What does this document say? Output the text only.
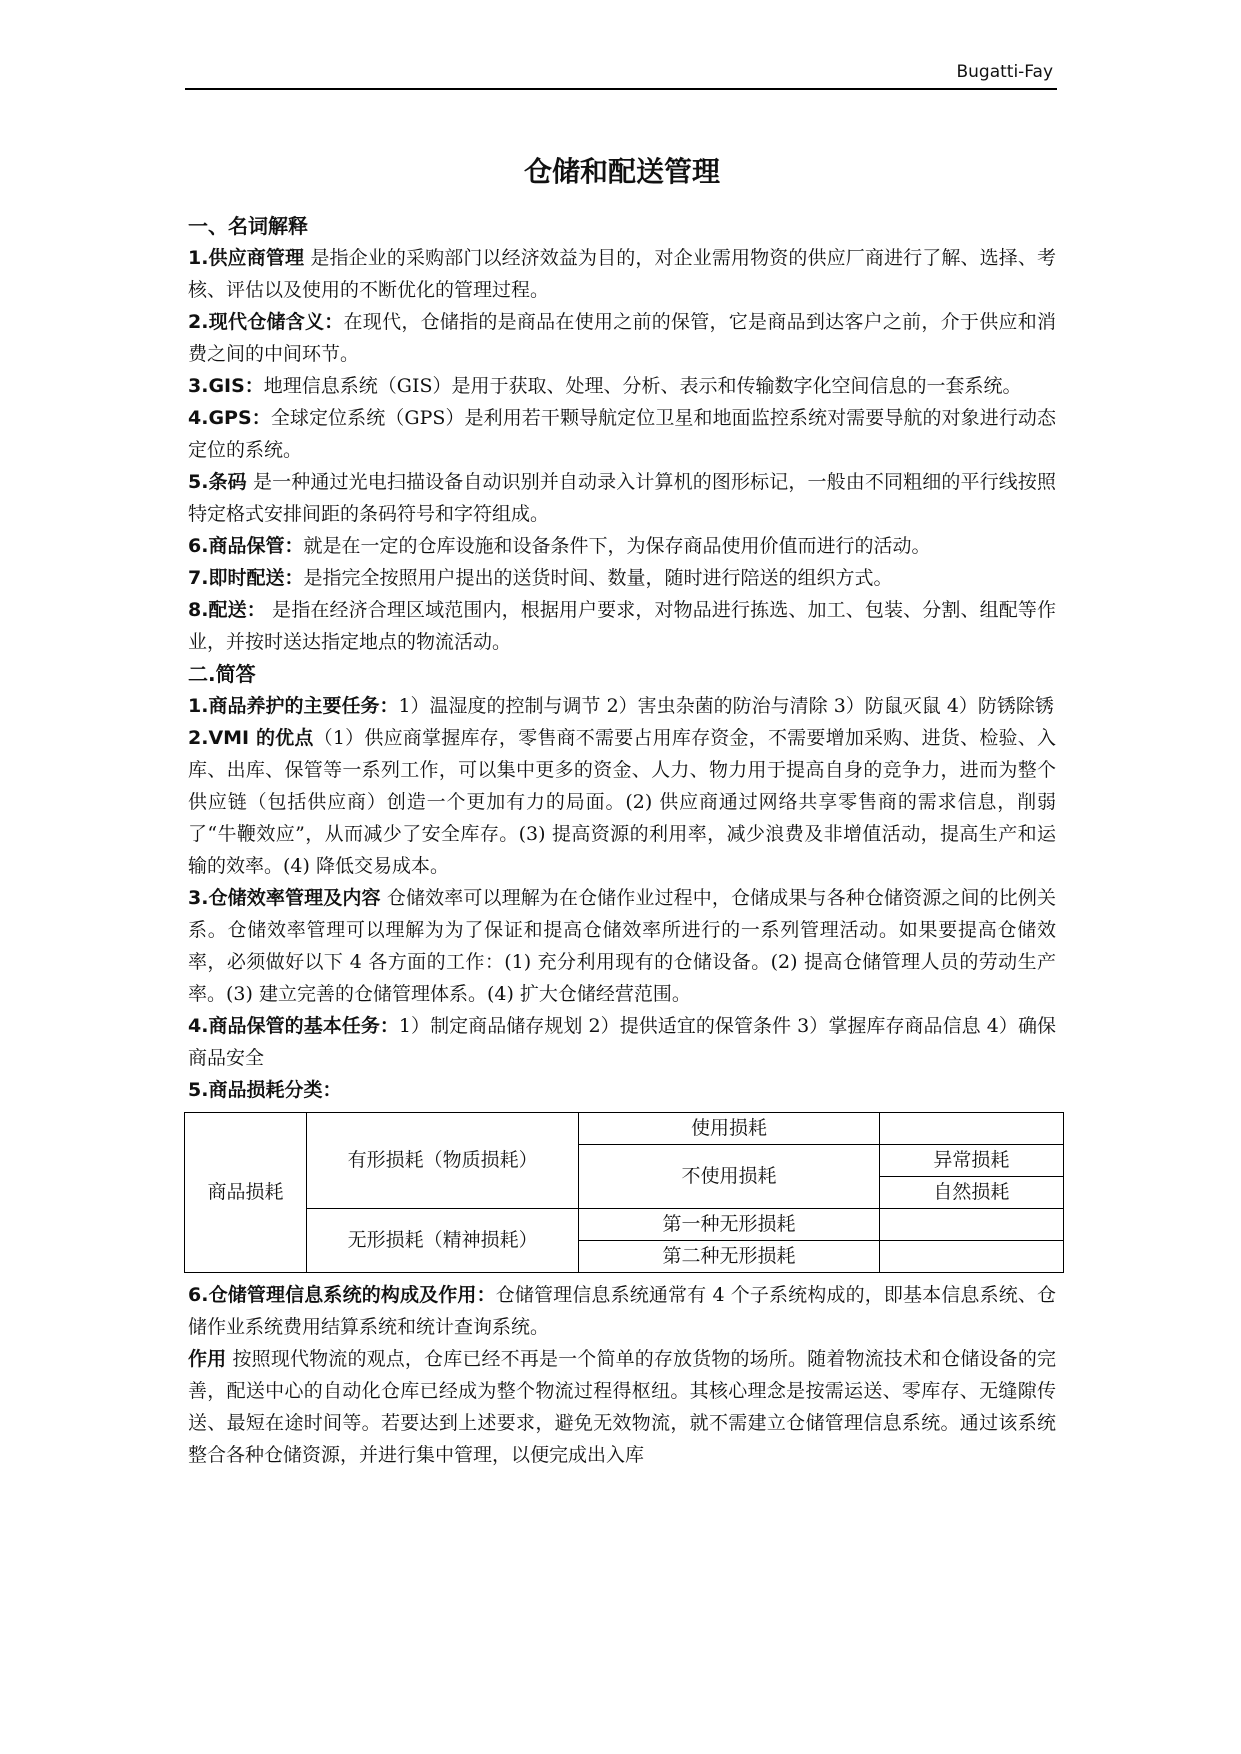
Bugatti-Fay
仓储和配送管理
一、名词解释

1.供应商管理 是指企业的采购部门以经济效益为目的，对企业需用物资的供应厂商进行了解、选择、考核、评估以及使用的不断优化的管理过程。

2.现代仓储含义：在现代，仓储指的是商品在使用之前的保管，它是商品到达客户之前，介于供应和消费之间的中间环节。

3.GIS：地理信息系统（GIS）是用于获取、处理、分析、表示和传输数字化空间信息的一套系统。

4.GPS：全球定位系统（GPS）是利用若干颗导航定位卫星和地面监控系统对需要导航的对象进行动态定位的系统。

5.条码 是一种通过光电扫描设备自动识别并自动录入计算机的图形标记，一般由不同粗细的平行线按照特定格式安排间距的条码符号和字符组成。

6.商品保管：就是在一定的仓库设施和设备条件下，为保存商品使用价值而进行的活动。

7.即时配送：是指完全按照用户提出的送货时间、数量，随时进行陪送的组织方式。

8.配送： 是指在经济合理区域范围内，根据用户要求，对物品进行拣选、加工、包装、分割、组配等作业，并按时送达指定地点的物流活动。

二.简答

1.商品养护的主要任务：1）温湿度的控制与调节 2）害虫杂菌的防治与清除 3）防鼠灭鼠 4）防锈除锈

2.VMI 的优点（1）供应商掌握库存，零售商不需要占用库存资金，不需要增加采购、进货、检验、入库、出库、保管等一系列工作，可以集中更多的资金、人力、物力用于提高自身的竞争力，进而为整个供应链（包括供应商）创造一个更加有力的局面。(2) 供应商通过网络共享零售商的需求信息，削弱了“牛鞭效应”，从而减少了安全库存。(3) 提高资源的利用率，减少浪费及非增值活动，提高生产和运输的效率。(4) 降低交易成本。

3.仓储效率管理及内容 仓储效率可以理解为在仓储作业过程中，仓储成果与各种仓储资源之间的比例关系。仓储效率管理可以理解为为了保证和提高仓储效率所进行的一系列管理活动。如果要提高仓储效率，必须做好以下 4 各方面的工作：(1) 充分利用现有的仓储设备。(2) 提高仓储管理人员的劳动生产率。(3) 建立完善的仓储管理体系。(4) 扩大仓储经营范围。

4.商品保管的基本任务：1）制定商品储存规划 2）提供适宜的保管条件 3）掌握库存商品信息 4）确保商品安全

5.商品损耗分类：

商品损耗	有形损耗（物质损耗）	使用损耗	
		不使用损耗	异常损耗
			自然损耗
	无形损耗（精神损耗）	第一种无形损耗	
		第二种无形损耗	

6.仓储管理信息系统的构成及作用：仓储管理信息系统通常有 4 个子系统构成的，即基本信息系统、仓储作业系统费用结算系统和统计查询系统。

作用 按照现代物流的观点，仓库已经不再是一个简单的存放货物的场所。随着物流技术和仓储设备的完善，配送中心的自动化仓库已经成为整个物流过程得枢纽。其核心理念是按需运送、零库存、无缝隙传送、最短在途时间等。若要达到上述要求，避免无效物流，就不需建立仓储管理信息系统。通过该系统整合各种仓储资源，并进行集中管理，以便完成出入库
